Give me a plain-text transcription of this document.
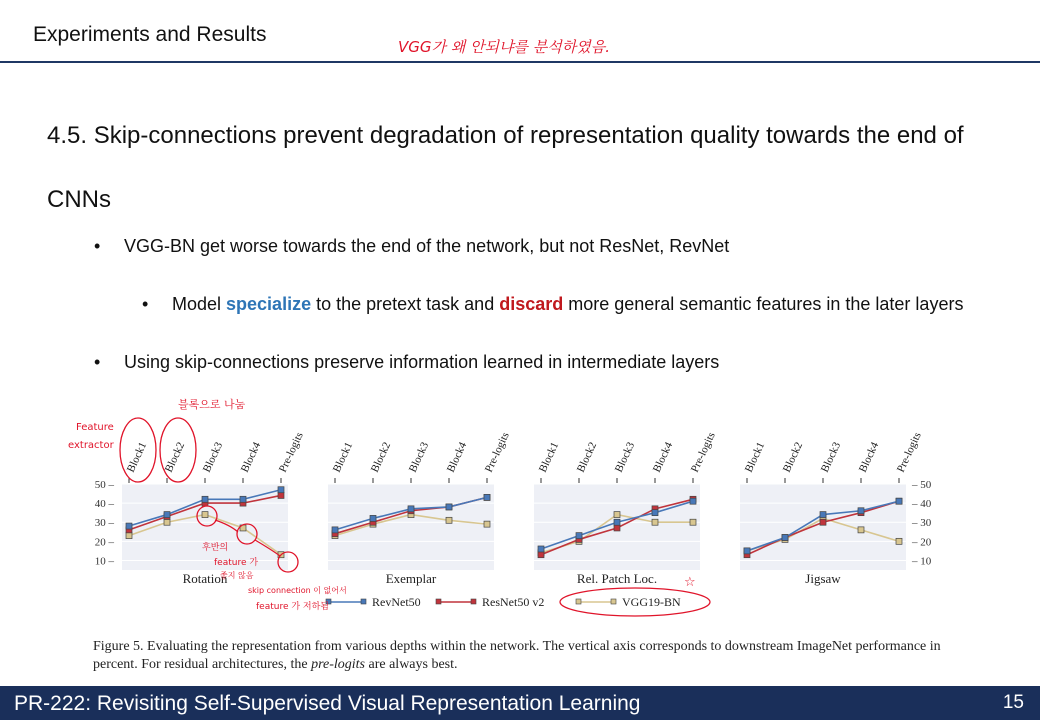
Experiments and Results
VGG가 왜 안되냐를 분석하였음.
4.5. Skip-connections prevent degradation of representation quality towards the end of CNNs
• VGG-BN get worse towards the end of the network, but not ResNet, RevNet
• Model specialize to the pretext task and discard more general semantic features in the later layers
• Using skip-connections preserve information learned in intermediate layers
Block1 Block2 Block3 Block4 Pre-logits
Rotation
Block1 Block2 Block3 Block4 Pre-logits
Exemplar
Block1 Block2 Block3 Block4 Pre-logits
Rel. Patch Loc.
Block1 Block2 Block3 Block4 Pre-logits
Jigsaw
10 –	– 10
20 –	– 20
30 –	– 30
40 –	– 40
50 –	– 50
RevNet50	ResNet50 v2	VGG19-BN
블록으로 나눔
Feature
extractor
후반의
feature 가
좋지 않음
skip connection 이 없어서
feature 가 저하됨
☆
Figure 5. Evaluating the representation from various depths within the network. The vertical axis corresponds to downstream ImageNet performance in percent. For residual architectures, the pre-logits are always best.
PR-222: Revisiting Self-Supervised Visual Representation Learning	15
